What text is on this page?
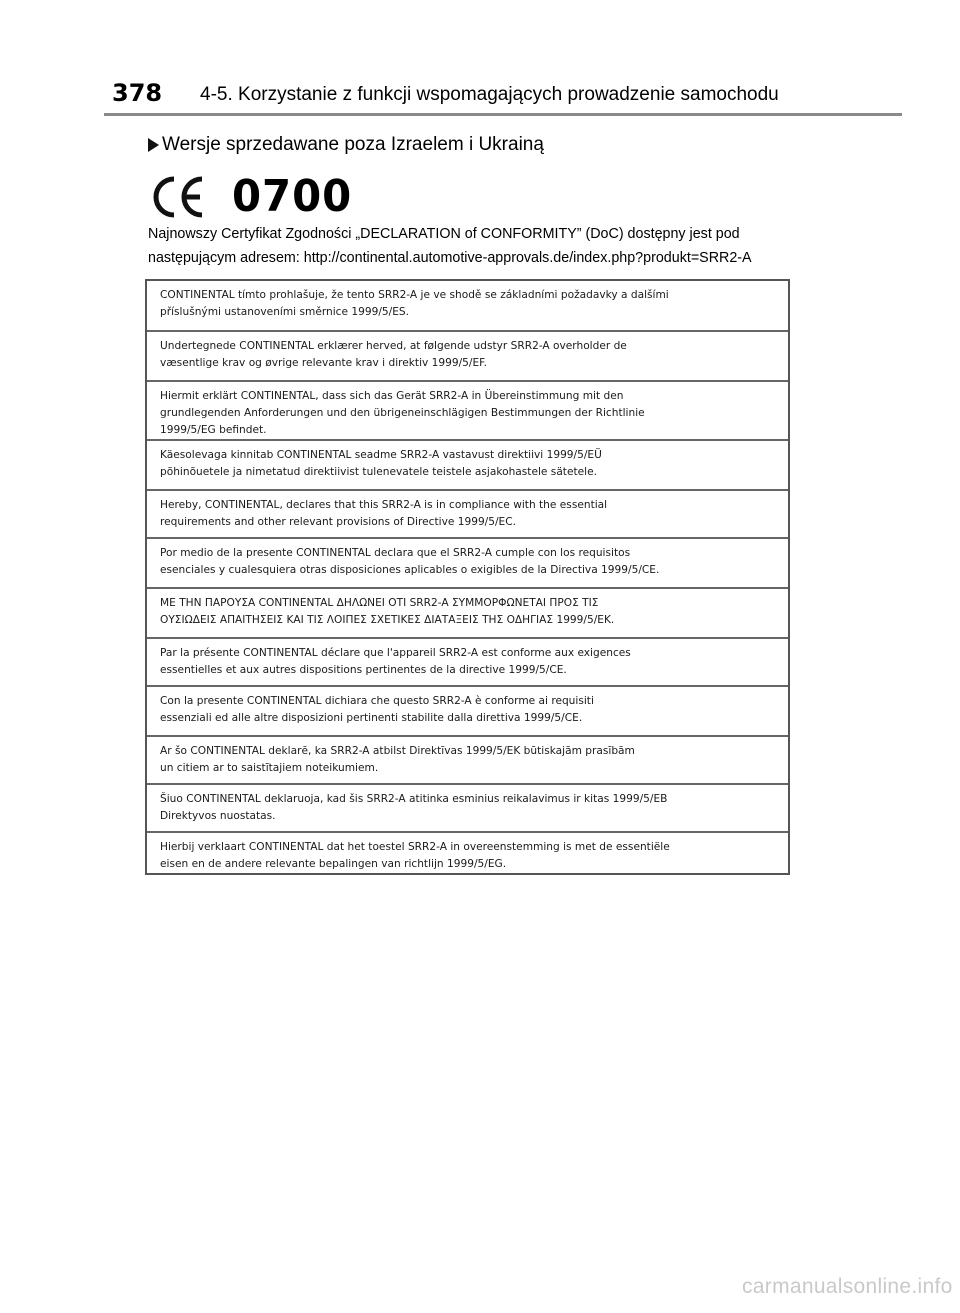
378 4-5. Korzystanie z funkcji wspomagających prowadzenie samochodu
Wersje sprzedawane poza Izraelem i Ukrainą
0700
Najnowszy Certyfikat Zgodności „DECLARATION of CONFORMITY” (DoC) dostępny jest pod
następującym adresem: http://continental.automotive-approvals.de/index.php?produkt=SRR2-A
CONTINENTAL tímto prohlašuje, že tento SRR2-A je ve shodě se základními požadavky a dalšími
příslušnými ustanoveními směrnice 1999/5/ES.
Undertegnede CONTINENTAL erklærer herved, at følgende udstyr SRR2-A overholder de
væsentlige krav og øvrige relevante krav i direktiv 1999/5/EF.
Hiermit erklärt CONTINENTAL, dass sich das Gerät SRR2-A in Übereinstimmung mit den
grundlegenden Anforderungen und den übrigeneinschlägigen Bestimmungen der Richtlinie
1999/5/EG befindet.
Käesolevaga kinnitab CONTINENTAL seadme SRR2-A vastavust direktiivi 1999/5/EÜ
põhinõuetele ja nimetatud direktiivist tulenevatele teistele asjakohastele sätetele.
Hereby, CONTINENTAL, declares that this SRR2-A is in compliance with the essential
requirements and other relevant provisions of Directive 1999/5/EC.
Por medio de la presente CONTINENTAL declara que el SRR2-A cumple con los requisitos
esenciales y cualesquiera otras disposiciones aplicables o exigibles de la Directiva 1999/5/CE.
ΜΕ ΤΗΝ ΠΑΡΟΥΣΑ CONTINENTAL ΔΗΛΩΝΕΙ ΟΤΙ SRR2-A ΣΥΜΜΟΡΦΩΝΕΤΑΙ ΠΡΟΣ ΤΙΣ
ΟΥΣΙΩΔΕΙΣ ΑΠΑΙΤΗΣΕΙΣ ΚΑΙ ΤΙΣ ΛΟΙΠΕΣ ΣΧΕΤΙΚΕΣ ΔΙΑΤΑΞΕΙΣ ΤΗΣ ΟΔΗΓΙΑΣ 1999/5/ΕΚ.
Par la présente CONTINENTAL déclare que l'appareil SRR2-A est conforme aux exigences
essentielles et aux autres dispositions pertinentes de la directive 1999/5/CE.
Con la presente CONTINENTAL dichiara che questo SRR2-A è conforme ai requisiti
essenziali ed alle altre disposizioni pertinenti stabilite dalla direttiva 1999/5/CE.
Ar šo CONTINENTAL deklarē, ka SRR2-A atbilst Direktīvas 1999/5/EK būtiskajām prasībām
un citiem ar to saistītajiem noteikumiem.
Šiuo CONTINENTAL deklaruoja, kad šis SRR2-A atitinka esminius reikalavimus ir kitas 1999/5/EB
Direktyvos nuostatas.
Hierbij verklaart CONTINENTAL dat het toestel SRR2-A in overeenstemming is met de essentiële
eisen en de andere relevante bepalingen van richtlijn 1999/5/EG.
carmanualsonline.info
